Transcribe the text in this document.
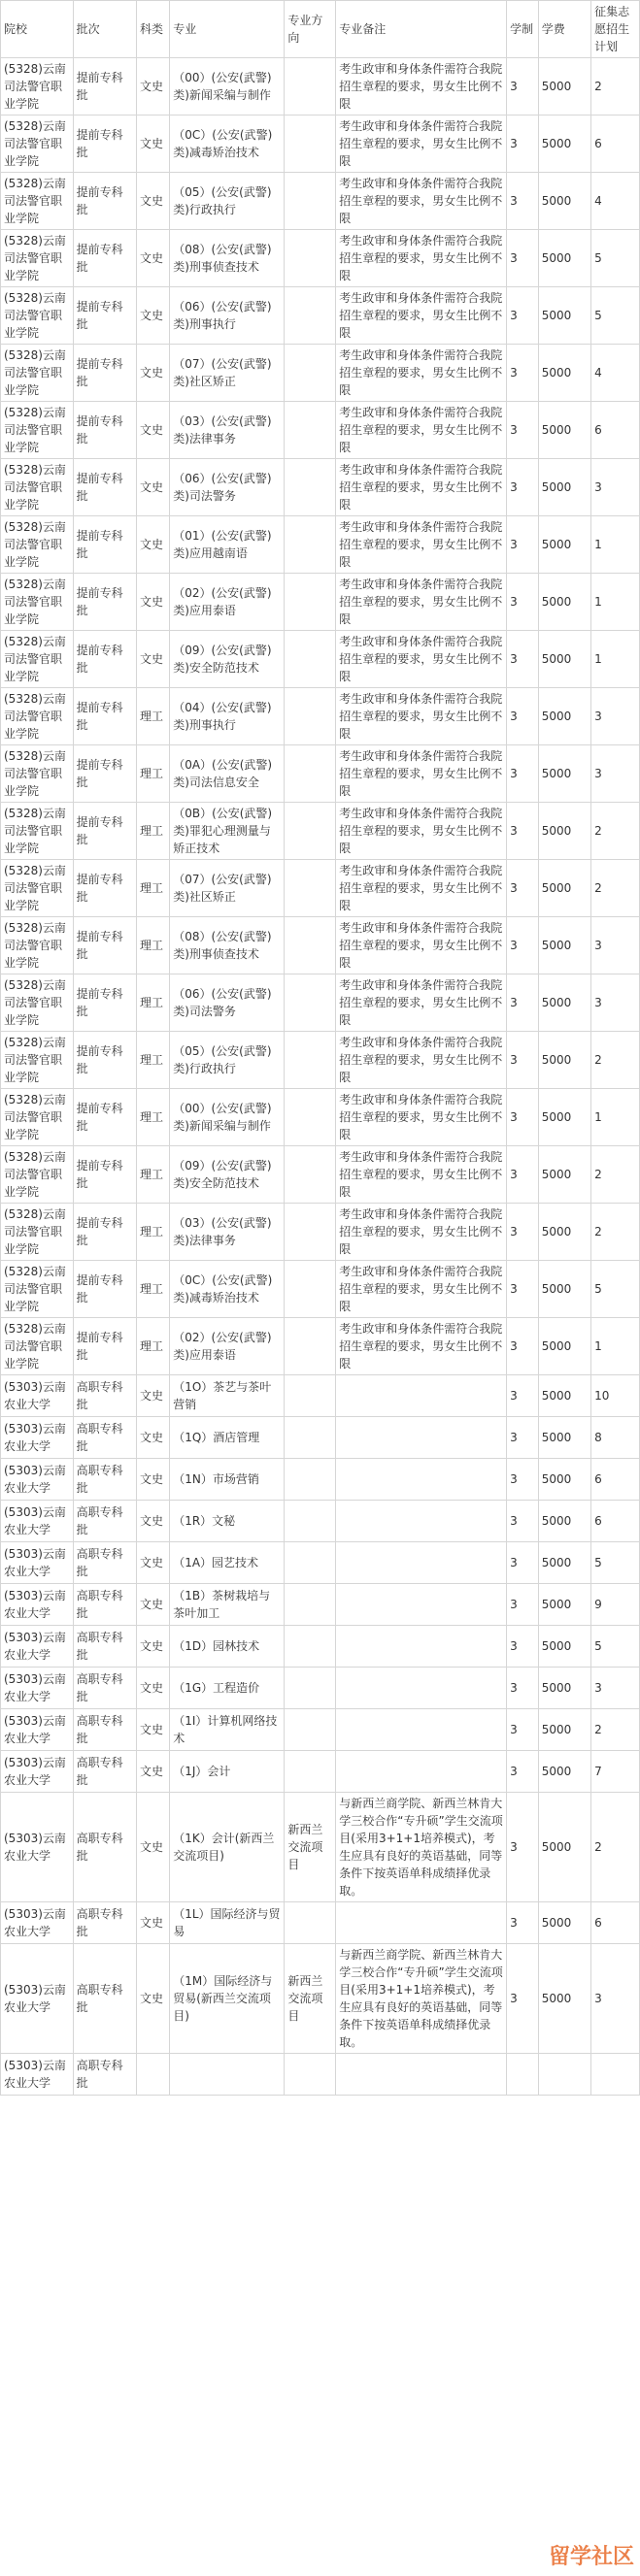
院校	批次	科类	专业	专业方向	专业备注	学制	学费	征集志愿招生计划
(5328)云南司法警官职业学院	提前专科批	文史	（00）(公安(武警)类)新闻采编与制作		考生政审和身体条件需符合我院招生章程的要求，男女生比例不限	3	5000	2
(5328)云南司法警官职业学院	提前专科批	文史	（0C）(公安(武警)类)减毒矫治技术		考生政审和身体条件需符合我院招生章程的要求，男女生比例不限	3	5000	6
(5328)云南司法警官职业学院	提前专科批	文史	（05）(公安(武警)类)行政执行		考生政审和身体条件需符合我院招生章程的要求，男女生比例不限	3	5000	4
(5328)云南司法警官职业学院	提前专科批	文史	（08）(公安(武警)类)刑事侦查技术		考生政审和身体条件需符合我院招生章程的要求，男女生比例不限	3	5000	5
(5328)云南司法警官职业学院	提前专科批	文史	（06）(公安(武警)类)刑事执行		考生政审和身体条件需符合我院招生章程的要求，男女生比例不限	3	5000	5
(5328)云南司法警官职业学院	提前专科批	文史	（07）(公安(武警)类)社区矫正		考生政审和身体条件需符合我院招生章程的要求，男女生比例不限	3	5000	4
(5328)云南司法警官职业学院	提前专科批	文史	（03）(公安(武警)类)法律事务		考生政审和身体条件需符合我院招生章程的要求，男女生比例不限	3	5000	6
(5328)云南司法警官职业学院	提前专科批	文史	（06）(公安(武警)类)司法警务		考生政审和身体条件需符合我院招生章程的要求，男女生比例不限	3	5000	3
(5328)云南司法警官职业学院	提前专科批	文史	（01）(公安(武警)类)应用越南语		考生政审和身体条件需符合我院招生章程的要求，男女生比例不限	3	5000	1
(5328)云南司法警官职业学院	提前专科批	文史	（02）(公安(武警)类)应用泰语		考生政审和身体条件需符合我院招生章程的要求，男女生比例不限	3	5000	1
(5328)云南司法警官职业学院	提前专科批	文史	（09）(公安(武警)类)安全防范技术		考生政审和身体条件需符合我院招生章程的要求，男女生比例不限	3	5000	1
(5328)云南司法警官职业学院	提前专科批	理工	（04）(公安(武警)类)刑事执行		考生政审和身体条件需符合我院招生章程的要求，男女生比例不限	3	5000	3
(5328)云南司法警官职业学院	提前专科批	理工	（0A）(公安(武警)类)司法信息安全		考生政审和身体条件需符合我院招生章程的要求，男女生比例不限	3	5000	3
(5328)云南司法警官职业学院	提前专科批	理工	（0B）(公安(武警)类)罪犯心理测量与矫正技术		考生政审和身体条件需符合我院招生章程的要求，男女生比例不限	3	5000	2
(5328)云南司法警官职业学院	提前专科批	理工	（07）(公安(武警)类)社区矫正		考生政审和身体条件需符合我院招生章程的要求，男女生比例不限	3	5000	2
(5328)云南司法警官职业学院	提前专科批	理工	（08）(公安(武警)类)刑事侦查技术		考生政审和身体条件需符合我院招生章程的要求，男女生比例不限	3	5000	3
(5328)云南司法警官职业学院	提前专科批	理工	（06）(公安(武警)类)司法警务		考生政审和身体条件需符合我院招生章程的要求，男女生比例不限	3	5000	3
(5328)云南司法警官职业学院	提前专科批	理工	（05）(公安(武警)类)行政执行		考生政审和身体条件需符合我院招生章程的要求，男女生比例不限	3	5000	2
(5328)云南司法警官职业学院	提前专科批	理工	（00）(公安(武警)类)新闻采编与制作		考生政审和身体条件需符合我院招生章程的要求，男女生比例不限	3	5000	1
(5328)云南司法警官职业学院	提前专科批	理工	（09）(公安(武警)类)安全防范技术		考生政审和身体条件需符合我院招生章程的要求，男女生比例不限	3	5000	2
(5328)云南司法警官职业学院	提前专科批	理工	（03）(公安(武警)类)法律事务		考生政审和身体条件需符合我院招生章程的要求，男女生比例不限	3	5000	2
(5328)云南司法警官职业学院	提前专科批	理工	（0C）(公安(武警)类)减毒矫治技术		考生政审和身体条件需符合我院招生章程的要求，男女生比例不限	3	5000	5
(5328)云南司法警官职业学院	提前专科批	理工	（02）(公安(武警)类)应用泰语		考生政审和身体条件需符合我院招生章程的要求，男女生比例不限	3	5000	1
(5303)云南农业大学	高职专科批	文史	（1O）茶艺与茶叶营销			3	5000	10
(5303)云南农业大学	高职专科批	文史	（1Q）酒店管理			3	5000	8
(5303)云南农业大学	高职专科批	文史	（1N）市场营销			3	5000	6
(5303)云南农业大学	高职专科批	文史	（1R）文秘			3	5000	6
(5303)云南农业大学	高职专科批	文史	（1A）园艺技术			3	5000	5
(5303)云南农业大学	高职专科批	文史	（1B）茶树栽培与茶叶加工			3	5000	9
(5303)云南农业大学	高职专科批	文史	（1D）园林技术			3	5000	5
(5303)云南农业大学	高职专科批	文史	（1G）工程造价			3	5000	3
(5303)云南农业大学	高职专科批	文史	（1I）计算机网络技术			3	5000	2
(5303)云南农业大学	高职专科批	文史	（1J）会计			3	5000	7
(5303)云南农业大学	高职专科批	文史	（1K）会计(新西兰交流项目)	新西兰交流项目	与新西兰商学院、新西兰林肯大学三校合作“专升硕”学生交流项目(采用3+1+1培养模式)，考生应具有良好的英语基础，同等条件下按英语单科成绩择优录取。	3	5000	2
(5303)云南农业大学	高职专科批	文史	（1L）国际经济与贸易			3	5000	6
(5303)云南农业大学	高职专科批	文史	（1M）国际经济与贸易(新西兰交流项目)	新西兰交流项目	与新西兰商学院、新西兰林肯大学三校合作“专升硕”学生交流项目(采用3+1+1培养模式)，考生应具有良好的英语基础，同等条件下按英语单科成绩择优录取。	3	5000	3
(5303)云南农业大学	高职专科批							
留学社区
